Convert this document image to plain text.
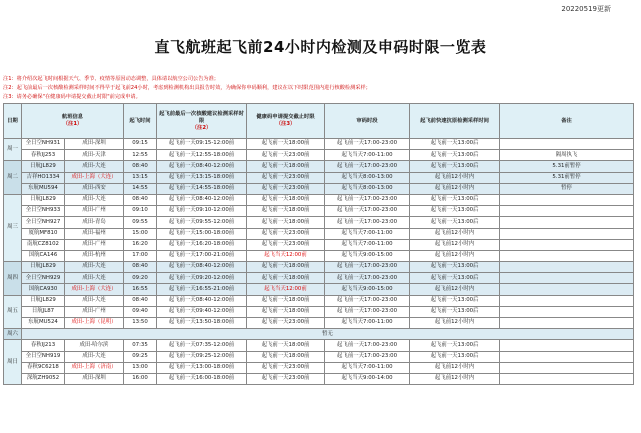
20220519更新
直飞航班起飞前24小时内检测及申码时限一览表
注1：将介绍次起飞时间根据天气、季节、疫情等原因动态调整，具体请以航空公司公告为准；
注2：起飞前最后一次核酸检测采样时间不得早于起飞前24小时，考虑到检测机构出具报告时效，为确保你申码顺利，建议在以下时限范围内进行核酸检测采样；
注3：请务必确保"在健康码申请提交截止时限"前完成申请。
日期	航班信息
（注1）		起飞时间	起飞前最后一次核酸建议检测采样时限
（注2）	健康码申请提交截止时限
（注3）	审码时段	起飞前快速抗原检测采样时间	备注
周一	全日空NH931	成田-深圳	09:15	起飞前一天09:15-12:00前	起飞前一天18:00前	起飞前一天17:00-23:00	起飞前一天13:00后	
	春秋IJ253	成田-天津	12:55	起飞前一天12:55-18:00前	起飞前一天23:00前	起飞当天7:00-11:00	起飞前一天13:00后	隔周执飞
周二	日航JL829	成田-大连	08:40	起飞前一天08:40-12:00前	起飞前一天18:00前	起飞前一天17:00-23:00	起飞前一天13:00后	5.31前暂停
	吉祥HO1334	成田-上海（大连）	13:15	起飞前一天13:15-18:00前	起飞前一天23:00前	起飞当天8:00-13:00	起飞前12小时内	5.31前暂停
	东航MU594	成田-西安	14:55	起飞前一天14:55-18:00前	起飞前一天23:00前	起飞当天8:00-13:00	起飞前12小时内	暂停
周三	日航JL829	成田-大连	08:40	起飞前一天08:40-12:00前	起飞前一天18:00前	起飞前一天17:00-23:00	起飞前一天13:00后	
	全日空NH933	成田-广州	09:10	起飞前一天09:10-12:00前	起飞前一天18:00前	起飞前一天17:00-23:00	起飞前一天13:00后	
	全日空NH927	成田-青岛	09:55	起飞前一天09:55-12:00前	起飞前一天18:00前	起飞前一天17:00-23:00	起飞前一天13:00后	
	厦航MF810	成田-福州	15:00	起飞前一天15:00-18:00前	起飞前一天23:00前	起飞当天7:00-11:00	起飞前12小时内	
	南航CZ8102	成田-广州	16:20	起飞前一天16:20-18:00前	起飞前一天23:00前	起飞当天7:00-11:00	起飞前12小时内	
	国航CA146	成田-杭州	17:00	起飞前一天17:00-21:00前	起飞当天12:00前	起飞当天9:00-15:00	起飞前12小时内	
周四	日航JL829	成田-大连	08:40	起飞前一天08:40-12:00前	起飞前一天18:00前	起飞前一天17:00-23:00	起飞前一天13:00后	
	全日空NH929	成田-大连	09:20	起飞前一天09:20-12:00前	起飞前一天18:00前	起飞前一天17:00-23:00	起飞前一天13:00后	
	国航CA930	成田-上海（大连）	16:55	起飞前一天16:55-21:00前	起飞当天12:00前	起飞当天9:00-15:00	起飞前12小时内	
周五	日航JL829	成田-大连	08:40	起飞前一天08:40-12:00前	起飞前一天18:00前	起飞前一天17:00-23:00	起飞前一天13:00后	
	日航JL87	成田-广州	09:40	起飞前一天09:40-12:00前	起飞前一天18:00前	起飞前一天17:00-23:00	起飞前一天13:00后	
	东航MU524	成田-上海（昆明）	13:50	起飞前一天13:50-18:00前	起飞前一天23:00前	起飞当天7:00-11:00	起飞前12小时内	
周六	暂无							
周日	春秋IJ213	成田-哈尔滨	07:35	起飞前一天07:35-12:00前	起飞前一天18:00前	起飞前一天17:00-23:00	起飞前一天13:00后	
	全日空NH919	成田-大连	09:25	起飞前一天09:25-12:00前	起飞前一天18:00前	起飞前一天17:00-23:00	起飞前一天13:00后	
	春秋9C6218	成田-上海（济南）	13:00	起飞前一天13:00-18:00前	起飞前一天23:00前	起飞当天7:00-11:00	起飞前12小时内	
	深航ZH9052	成田-深圳	16:00	起飞前一天16:00-18:00前	起飞前一天23:00前	起飞当天9:00-14:00	起飞前12小时内	
